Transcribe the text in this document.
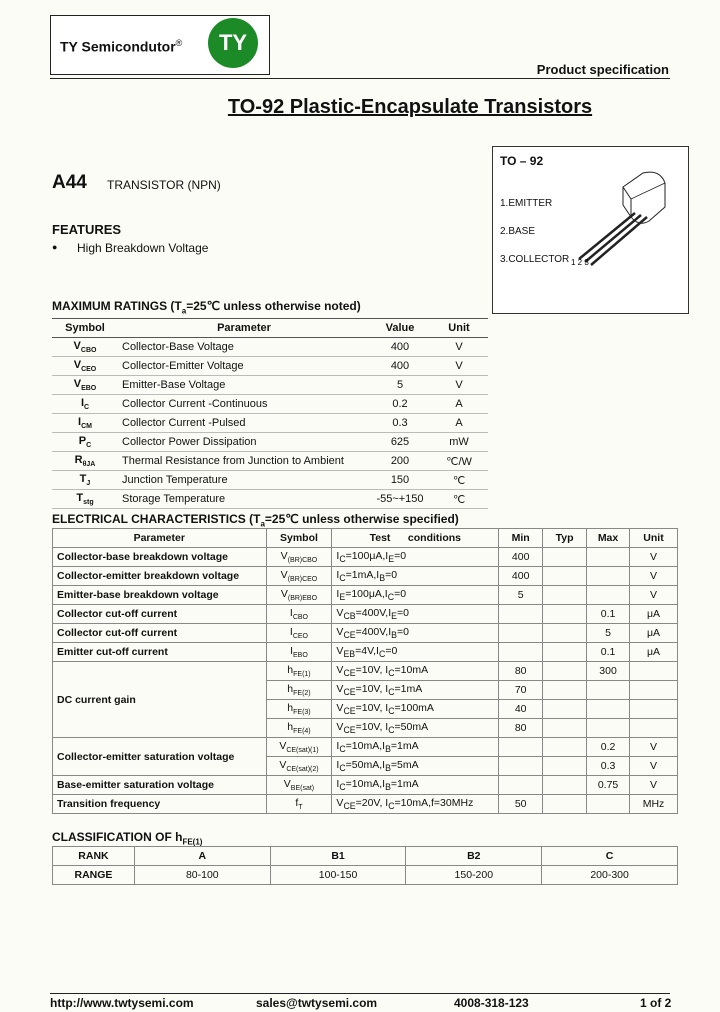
TY Semicondutor®	TY
Product specification
TO-92 Plastic-Encapsulate Transistors
A44 TRANSISTOR (NPN)
TO – 92
1.EMITTER
2.BASE
3.COLLECTOR 1 2 3
FEATURES
● High Breakdown Voltage
MAXIMUM RATINGS ($T_a=25℃$ unless otherwise noted)
Symbol	Parameter	Value	Unit
$V_{CBO}$	Collector-Base Voltage	400	V
$V_{CEO}$	Collector-Emitter Voltage	400	V
$V_{EBO}$	Emitter-Base Voltage	5	V
$I_C$	Collector Current -Continuous	0.2	A
$I_{CM}$	Collector Current -Pulsed	0.3	A
$P_C$	Collector Power Dissipation	625	mW
$R_{\theta JA}$	Thermal Resistance from Junction to Ambient	200	℃/W
$T_J$	Junction Temperature	150	℃
$T_{stg}$	Storage Temperature	-55~+150	℃
ELECTRICAL CHARACTERISTICS ($T_a=25℃$ unless otherwise specified)
Parameter	Symbol	Test      conditions	Min	Typ	Max	Unit
Collector-base breakdown voltage	$V_{(BR)CBO}$	$I_C=100\mu A,I_E=0$	400			V
Collector-emitter breakdown voltage	$V_{(BR)CEO}$	$I_C=1mA,I_B=0$	400			V
Emitter-base breakdown voltage	$V_{(BR)EBO}$	$I_E=100\mu A,I_C=0$	5			V
Collector cut-off current	$I_{CBO}$	$V_{CB}=400V,I_E=0$			0.1	μA
Collector cut-off current	$I_{CEO}$	$V_{CE}=400V,I_B=0$			5	μA
Emitter cut-off current	$I_{EBO}$	$V_{EB}=4V,I_C=0$			0.1	μA
DC current gain	$h_{FE(1)}$	$V_{CE}=10V$, $I_C=10mA$	80		300	
	$h_{FE(2)}$	$V_{CE}=10V$, $I_C=1mA$	70			
	$h_{FE(3)}$	$V_{CE}=10V$, $I_C=100mA$	40			
	$h_{FE(4)}$	$V_{CE}=10V$, $I_C=50mA$	80			
Collector-emitter saturation voltage	$V_{CE(sat)(1)}$	$I_C=10mA,I_B=1mA$			0.2	V
	$V_{CE(sat)(2)}$	$I_C=50mA,I_B=5mA$			0.3	V
Base-emitter saturation voltage	$V_{BE(sat)}$	$I_C=10mA,I_B=1mA$			0.75	V
Transition frequency	$f_T$	$V_{CE}=20V$, $I_C=10mA,f=30MHz$	50			MHz
CLASSIFICATION OF $h_{FE(1)}$
RANK	A	B1	B2	C
RANGE	80-100	100-150	150-200	200-300
http://www.twtysemi.com	sales@twtysemi.com	4008-318-123	1 of 2
